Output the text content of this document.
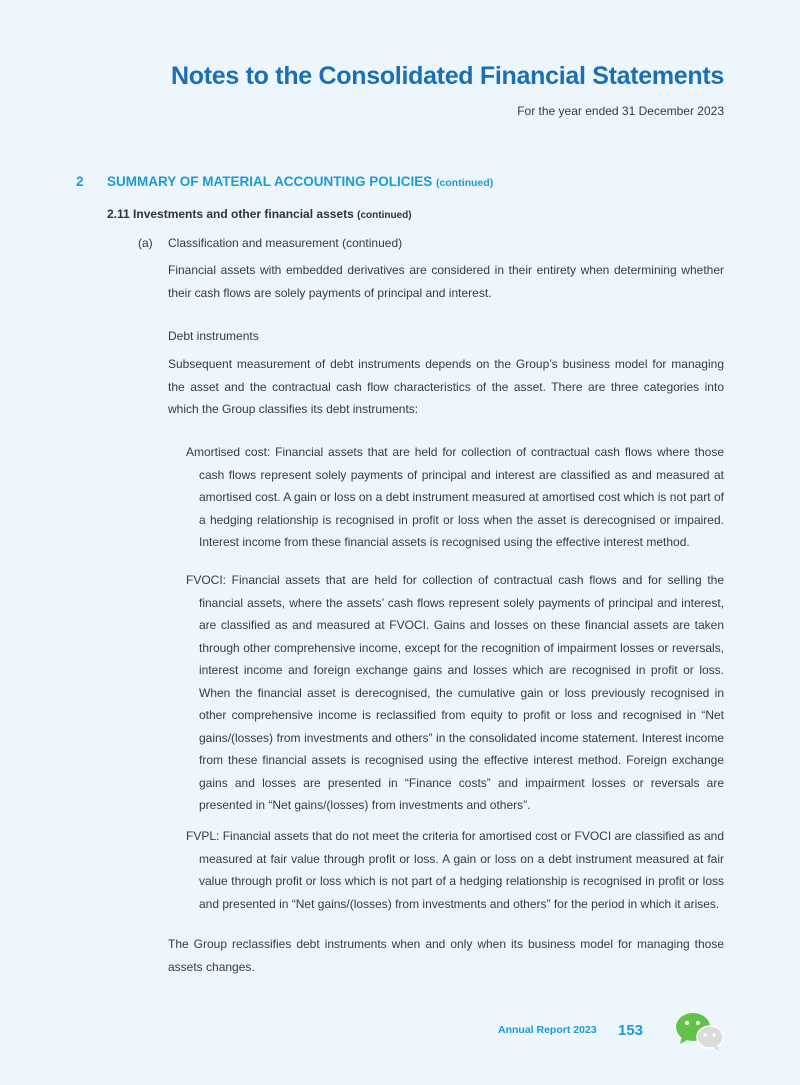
Notes to the Consolidated Financial Statements
For the year ended 31 December 2023
2 SUMMARY OF MATERIAL ACCOUNTING POLICIES (continued)
2.11 Investments and other financial assets (continued)
(a) Classification and measurement (continued)

Financial assets with embedded derivatives are considered in their entirety when determining whether their cash flows are solely payments of principal and interest.

Debt instruments

Subsequent measurement of debt instruments depends on the Group’s business model for managing the asset and the contractual cash flow characteristics of the asset. There are three categories into which the Group classifies its debt instruments:

Amortised cost: Financial assets that are held for collection of contractual cash flows where those cash flows represent solely payments of principal and interest are classified as and measured at amortised cost. A gain or loss on a debt instrument measured at amortised cost which is not part of a hedging relationship is recognised in profit or loss when the asset is derecognised or impaired. Interest income from these financial assets is recognised using the effective interest method.

FVOCI: Financial assets that are held for collection of contractual cash flows and for selling the financial assets, where the assets’ cash flows represent solely payments of principal and interest, are classified as and measured at FVOCI. Gains and losses on these financial assets are taken through other comprehensive income, except for the recognition of impairment losses or reversals, interest income and foreign exchange gains and losses which are recognised in profit or loss. When the financial asset is derecognised, the cumulative gain or loss previously recognised in other comprehensive income is reclassified from equity to profit or loss and recognised in “Net gains/(losses) from investments and others” in the consolidated income statement. Interest income from these financial assets is recognised using the effective interest method. Foreign exchange gains and losses are presented in “Finance costs” and impairment losses or reversals are presented in “Net gains/(losses) from investments and others”.

FVPL: Financial assets that do not meet the criteria for amortised cost or FVOCI are classified as and measured at fair value through profit or loss. A gain or loss on a debt instrument measured at fair value through profit or loss which is not part of a hedging relationship is recognised in profit or loss and presented in “Net gains/(losses) from investments and others” for the period in which it arises.

The Group reclassifies debt instruments when and only when its business model for managing those assets changes.

Annual Report 2023 153
